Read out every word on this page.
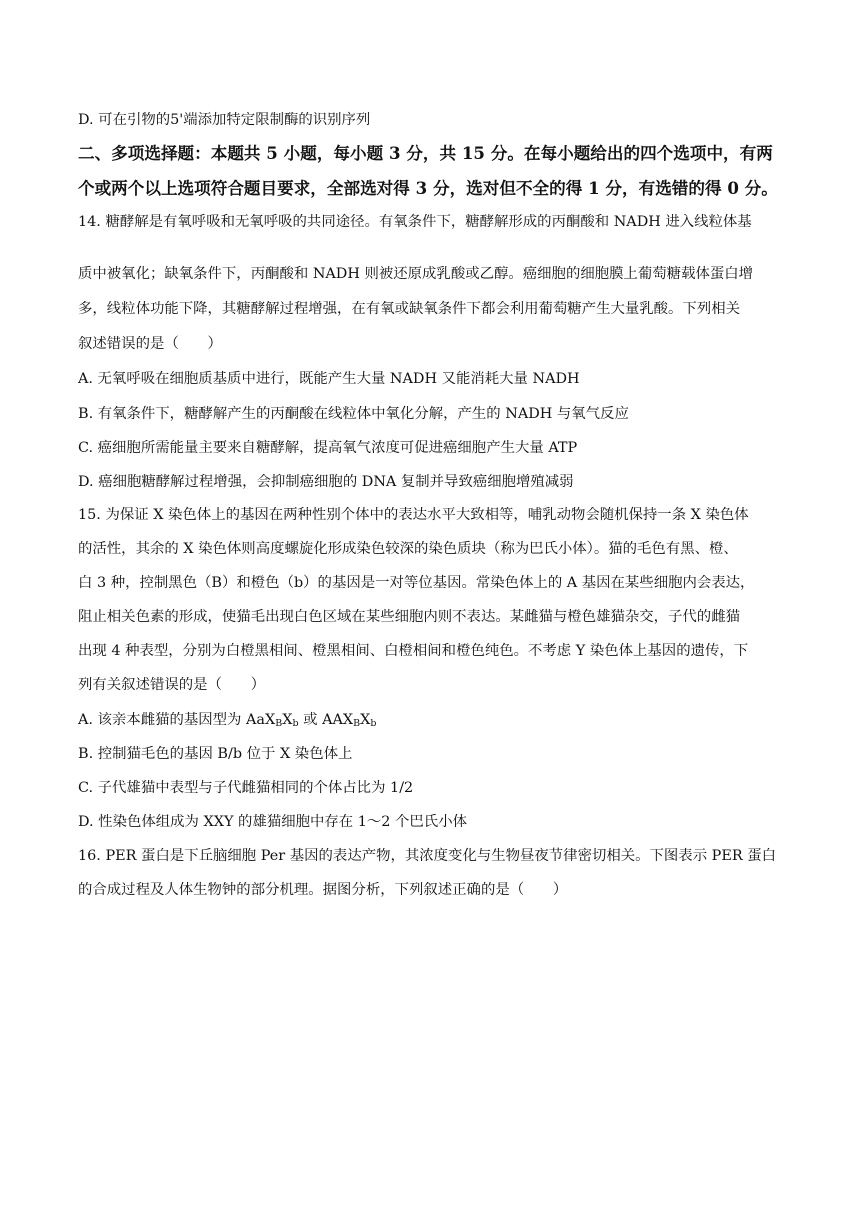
D. 可在引物的5'端添加特定限制酶的识别序列
二、多项选择题：本题共 5 小题，每小题 3 分，共 15 分。在每小题给出的四个选项中，有两
个或两个以上选项符合题目要求，全部选对得 3 分，选对但不全的得 1 分，有选错的得 0 分。
14. 糖酵解是有氧呼吸和无氧呼吸的共同途径。有氧条件下，糖酵解形成的丙酮酸和 NADH 进入线粒体基
质中被氧化；缺氧条件下，丙酮酸和 NADH 则被还原成乳酸或乙醇。癌细胞的细胞膜上葡萄糖载体蛋白增
多，线粒体功能下降，其糖酵解过程增强，在有氧或缺氧条件下都会利用葡萄糖产生大量乳酸。下列相关
叙述错误的是（　　）
A. 无氧呼吸在细胞质基质中进行，既能产生大量 NADH 又能消耗大量 NADH
B. 有氧条件下，糖酵解产生的丙酮酸在线粒体中氧化分解，产生的 NADH 与氧气反应
C. 癌细胞所需能量主要来自糖酵解，提高氧气浓度可促进癌细胞产生大量 ATP
D. 癌细胞糖酵解过程增强，会抑制癌细胞的 DNA 复制并导致癌细胞增殖减弱
15. 为保证 X 染色体上的基因在两种性别个体中的表达水平大致相等，哺乳动物会随机保持一条 X 染色体
的活性，其余的 X 染色体则高度螺旋化形成染色较深的染色质块（称为巴氏小体）。猫的毛色有黑、橙、
白 3 种，控制黑色（B）和橙色（b）的基因是一对等位基因。常染色体上的 A 基因在某些细胞内会表达，
阻止相关色素的形成，使猫毛出现白色区域在某些细胞内则不表达。某雌猫与橙色雄猫杂交，子代的雌猫
出现 4 种表型，分别为白橙黑相间、橙黑相间、白橙相间和橙色纯色。不考虑 Y 染色体上基因的遗传，下
列有关叙述错误的是（　　）
A. 该亲本雌猫的基因型为 $AaX_BX_b$ 或 $AAX_BX_b$
B. 控制猫毛色的基因 B/b 位于 X 染色体上
C. 子代雄猫中表型与子代雌猫相同的个体占比为 1/2
D. 性染色体组成为 XXY 的雄猫细胞中存在 1～2 个巴氏小体
16. PER 蛋白是下丘脑细胞 Per 基因的表达产物，其浓度变化与生物昼夜节律密切相关。下图表示 PER 蛋白
的合成过程及人体生物钟的部分机理。据图分析，下列叙述正确的是（　　）
